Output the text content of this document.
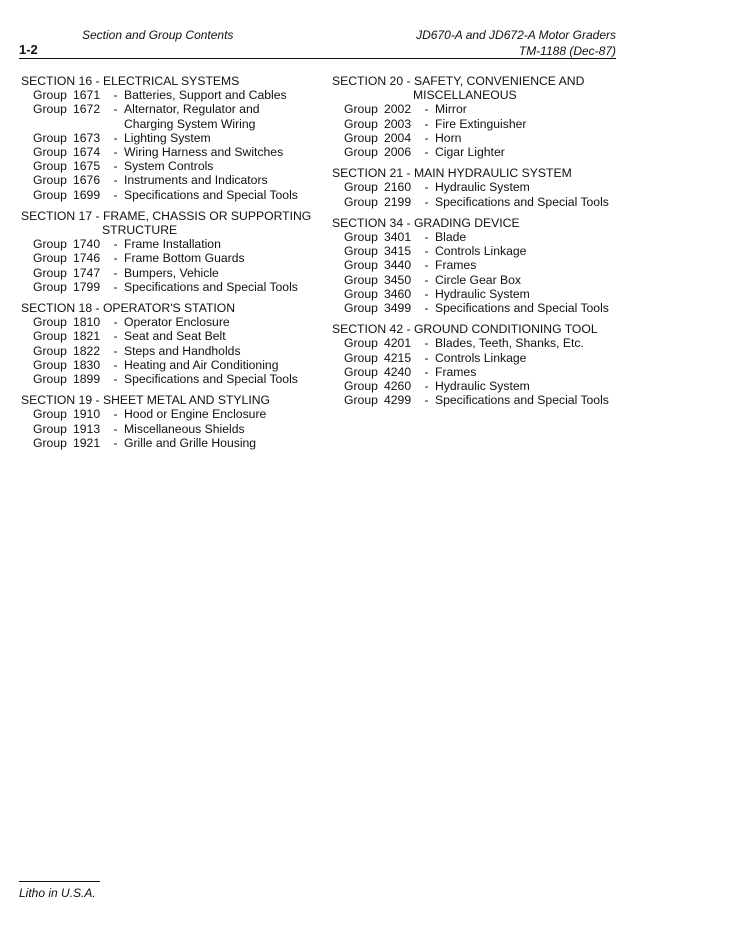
Section and Group Contents	JD670-A and JD672-A Motor Graders
1-2	TM-1188 (Dec-87)
SECTION 16 - ELECTRICAL SYSTEMS
Group 1671	- Batteries, Support and Cables
Group 1672	- Alternator, Regulator and
Charging System Wiring
Group 1673	- Lighting System
Group 1674	- Wiring Harness and Switches
Group 1675	- System Controls
Group 1676	- Instruments and Indicators
Group 1699	- Specifications and Special Tools
SECTION 17 - FRAME, CHASSIS OR SUPPORTING
STRUCTURE
Group 1740	- Frame Installation
Group 1746	- Frame Bottom Guards
Group 1747	- Bumpers, Vehicle
Group 1799	- Specifications and Special Tools
SECTION 18 - OPERATOR'S STATION
Group 1810	- Operator Enclosure
Group 1821	- Seat and Seat Belt
Group 1822	- Steps and Handholds
Group 1830	- Heating and Air Conditioning
Group 1899	- Specifications and Special Tools
SECTION 19 - SHEET METAL AND STYLING
Group 1910	- Hood or Engine Enclosure
Group 1913	- Miscellaneous Shields
Group 1921	- Grille and Grille Housing
SECTION 20 - SAFETY, CONVENIENCE AND
MISCELLANEOUS
Group 2002	- Mirror
Group 2003	- Fire Extinguisher
Group 2004	- Horn
Group 2006	- Cigar Lighter
SECTION 21 - MAIN HYDRAULIC SYSTEM
Group 2160	- Hydraulic System
Group 2199	- Specifications and Special Tools
SECTION 34 - GRADING DEVICE
Group 3401	- Blade
Group 3415	- Controls Linkage
Group 3440	- Frames
Group 3450	- Circle Gear Box
Group 3460	- Hydraulic System
Group 3499	- Specifications and Special Tools
SECTION 42 - GROUND CONDITIONING TOOL
Group 4201	- Blades, Teeth, Shanks, Etc.
Group 4215	- Controls Linkage
Group 4240	- Frames
Group 4260	- Hydraulic System
Group 4299	- Specifications and Special Tools
Litho in U.S.A.
